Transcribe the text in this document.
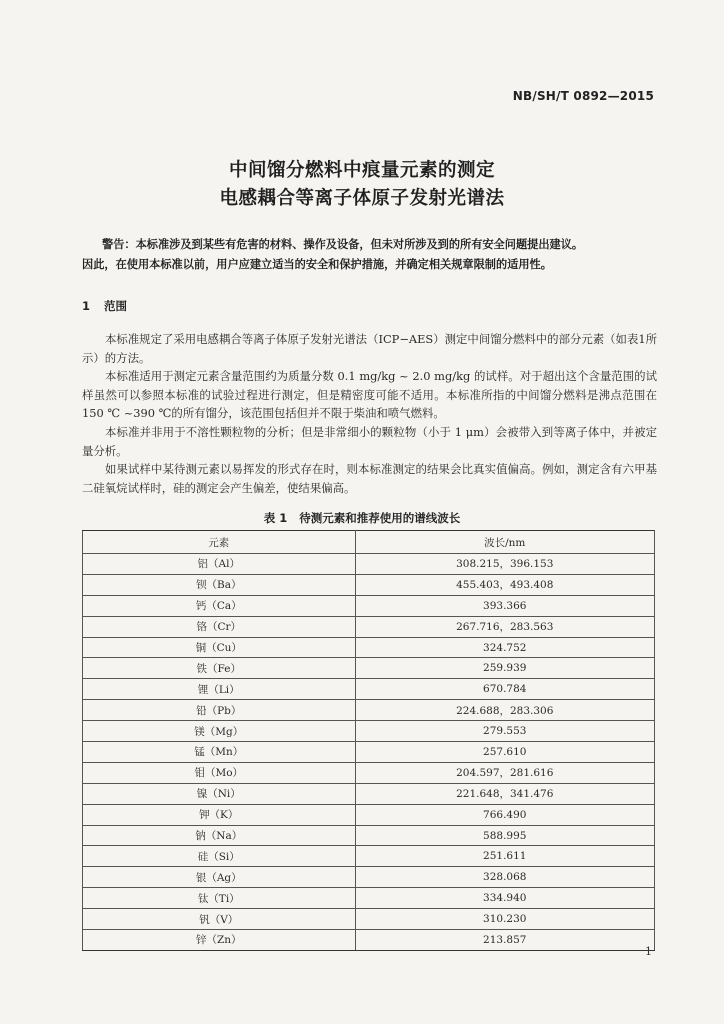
NB/SH/T 0892—2015
中间馏分燃料中痕量元素的测定
电感耦合等离子体原子发射光谱法
警告：本标准涉及到某些有危害的材料、操作及设备，但未对所涉及到的所有安全问题提出建议。
因此，在使用本标准以前，用户应建立适当的安全和保护措施，并确定相关规章限制的适用性。
1 范围

本标准规定了采用电感耦合等离子体原子发射光谱法（ICP−AES）测定中间馏分燃料中的部分元素（如表1所示）的方法。

本标准适用于测定元素含量范围约为质量分数 0.1 mg/kg ~ 2.0 mg/kg 的试样。对于超出这个含量范围的试样虽然可以参照本标准的试验过程进行测定，但是精密度可能不适用。本标准所指的中间馏分燃料是沸点范围在 150 ℃ ~390 ℃的所有馏分，该范围包括但并不限于柴油和喷气燃料。

本标准并非用于不溶性颗粒物的分析；但是非常细小的颗粒物（小于 1 μm）会被带入到等离子体中，并被定量分析。

如果试样中某待测元素以易挥发的形式存在时，则本标准测定的结果会比真实值偏高。例如，测定含有六甲基二硅氧烷试样时，硅的测定会产生偏差，使结果偏高。

表 1 待测元素和推荐使用的谱线波长
元素	波长/nm
铝（Al）	308.215，396.153
钡（Ba）	455.403，493.408
钙（Ca）	393.366
铬（Cr）	267.716，283.563
铜（Cu）	324.752
铁（Fe）	259.939
锂（Li）	670.784
铅（Pb）	224.688，283.306
镁（Mg）	279.553
锰（Mn）	257.610
钼（Mo）	204.597，281.616
镍（Ni）	221.648，341.476
钾（K）	766.490
钠（Na）	588.995
硅（Si）	251.611
银（Ag）	328.068
钛（Ti）	334.940
钒（V）	310.230
锌（Zn）	213.857
1
